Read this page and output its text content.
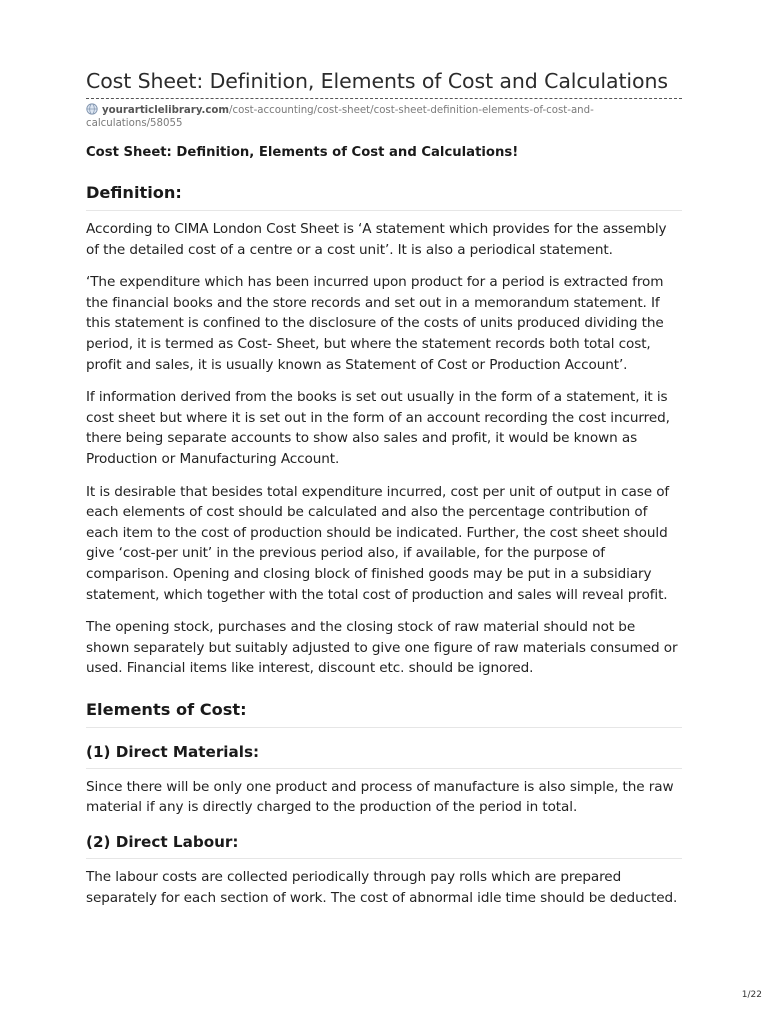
Cost Sheet: Definition, Elements of Cost and Calculations
yourarticlelibrary.com/cost-accounting/cost-sheet/cost-sheet-definition-elements-of-cost-and-
calculations/58055

Cost Sheet: Definition, Elements of Cost and Calculations!

Definition:

According to CIMA London Cost Sheet is ‘A statement which provides for the assembly of the detailed cost of a centre or a cost unit’. It is also a periodical statement.

‘The expenditure which has been incurred upon product for a period is extracted from the financial books and the store records and set out in a memorandum statement. If this statement is confined to the disclosure of the costs of units produced dividing the period, it is termed as Cost- Sheet, but where the statement records both total cost, profit and sales, it is usually known as Statement of Cost or Production Account’.

If information derived from the books is set out usually in the form of a statement, it is cost sheet but where it is set out in the form of an account recording the cost incurred, there being separate accounts to show also sales and profit, it would be known as Production or Manufacturing Account.

It is desirable that besides total expenditure incurred, cost per unit of output in case of each elements of cost should be calculated and also the percentage contribution of each item to the cost of production should be indicated. Further, the cost sheet should give ‘cost-per unit’ in the previous period also, if available, for the purpose of comparison. Opening and closing block of finished goods may be put in a subsidiary statement, which together with the total cost of production and sales will reveal profit.

The opening stock, purchases and the closing stock of raw material should not be shown separately but suitably adjusted to give one figure of raw materials consumed or used. Financial items like interest, discount etc. should be ignored.

Elements of Cost:
(1) Direct Materials:

Since there will be only one product and process of manufacture is also simple, the raw material if any is directly charged to the production of the period in total.

(2) Direct Labour:

The labour costs are collected periodically through pay rolls which are prepared separately for each section of work. The cost of abnormal idle time should be deducted.

1/22
